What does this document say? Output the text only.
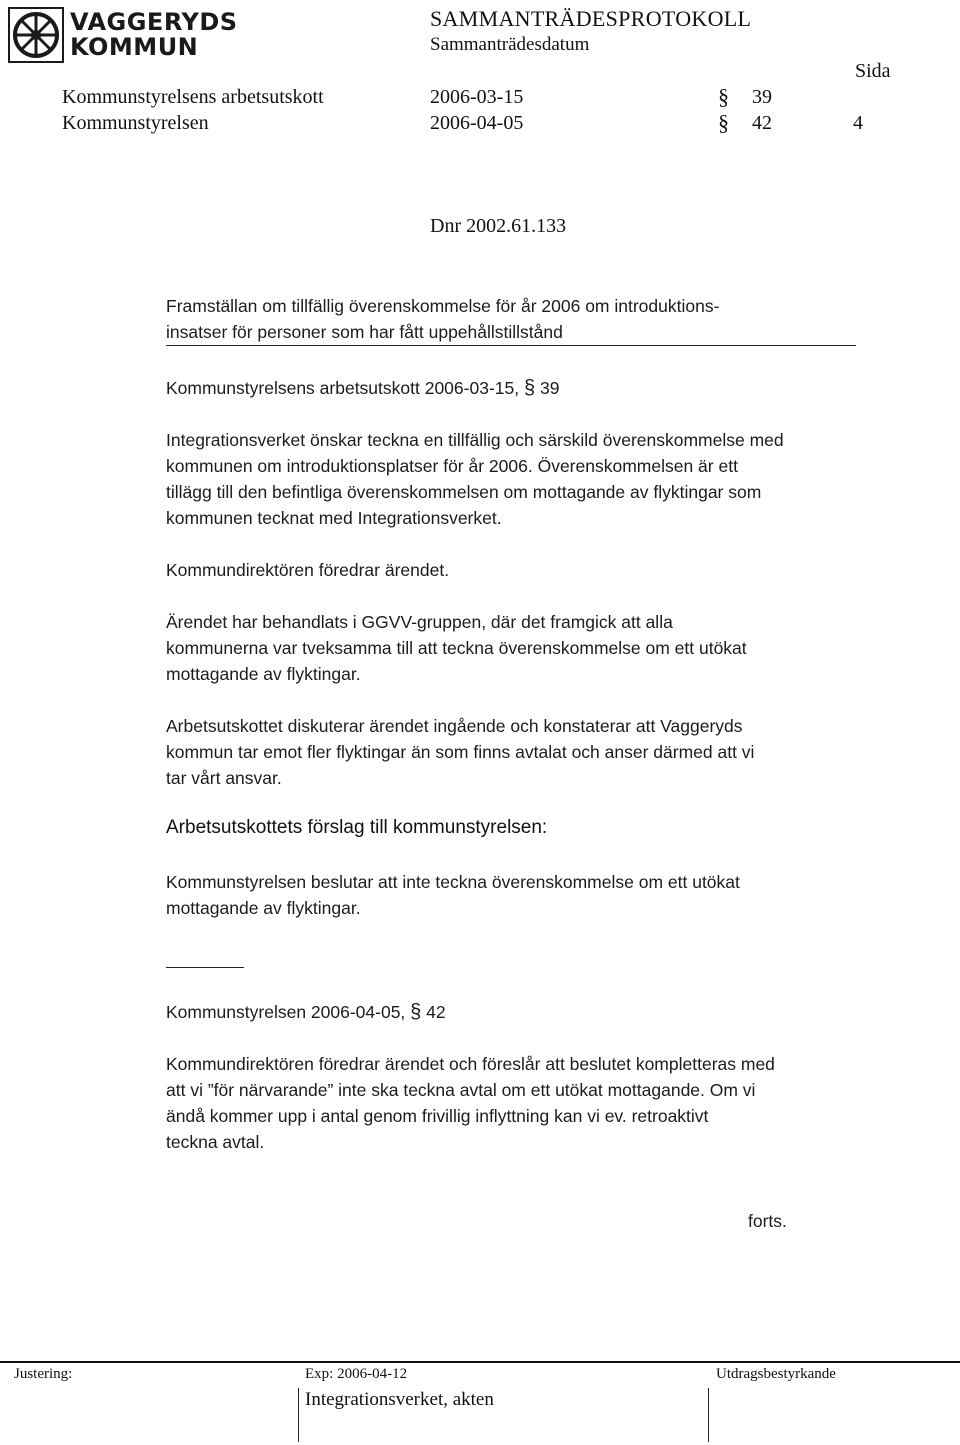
VAGGERYDS
KOMMUN
SAMMANTRÄDESPROTOKOLL
Sammanträdesdatum
Sida
Kommunstyrelsens arbetsutskott	2006-03-15	§ 39
Kommunstyrelsen	2006-04-05	§ 42	4
Dnr 2002.61.133
Framställan om tillfällig överenskommelse för år 2006 om introduktions-
insatser för personer som har fått uppehållstillstånd
Kommunstyrelsens arbetsutskott 2006-03-15, § 39
Integrationsverket önskar teckna en tillfällig och särskild överenskommelse med
kommunen om introduktionsplatser för år 2006. Överenskommelsen är ett
tillägg till den befintliga överenskommelsen om mottagande av flyktingar som
kommunen tecknat med Integrationsverket.
Kommundirektören föredrar ärendet.
Ärendet har behandlats i GGVV-gruppen, där det framgick att alla
kommunerna var tveksamma till att teckna överenskommelse om ett utökat
mottagande av flyktingar.
Arbetsutskottet diskuterar ärendet ingående och konstaterar att Vaggeryds
kommun tar emot fler flyktingar än som finns avtalat och anser därmed att vi
tar vårt ansvar.
Arbetsutskottets förslag till kommunstyrelsen:
Kommunstyrelsen beslutar att inte teckna överenskommelse om ett utökat
mottagande av flyktingar.
Kommunstyrelsen 2006-04-05, § 42
Kommundirektören föredrar ärendet och föreslår att beslutet kompletteras med
att vi ”för närvarande” inte ska teckna avtal om ett utökat mottagande. Om vi
ändå kommer upp i antal genom frivillig inflyttning kan vi ev. retroaktivt
teckna avtal.
forts.
Justering:	Exp: 2006-04-12	Utdragsbestyrkande
Integrationsverket, akten
